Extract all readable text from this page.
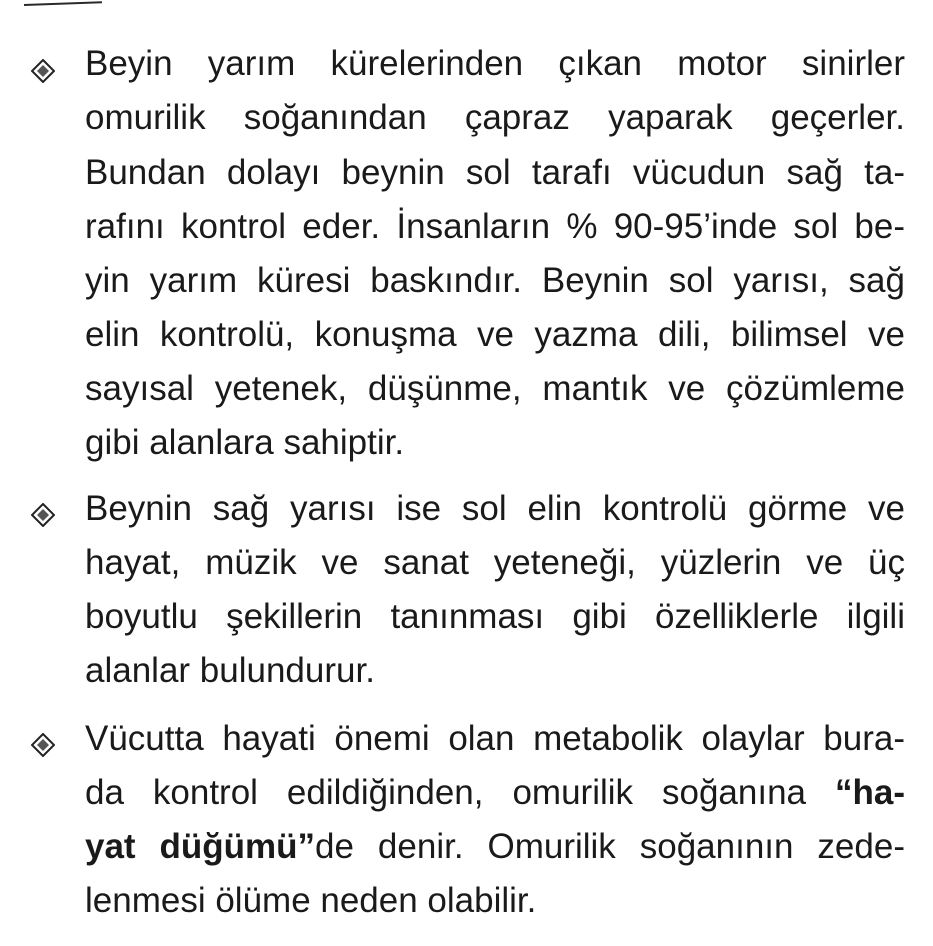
Beyin yarım kürelerinden çıkan motor sinirler
omurilik soğanından çapraz yaparak geçerler.
Bundan dolayı beynin sol tarafı vücudun sağ ta-
rafını kontrol eder. İnsanların % 90-95’inde sol be-
yin yarım küresi baskındır. Beynin sol yarısı, sağ
elin kontrolü, konuşma ve yazma dili, bilimsel ve
sayısal yetenek, düşünme, mantık ve çözümleme
gibi alanlara sahiptir.
Beynin sağ yarısı ise sol elin kontrolü görme ve
hayat, müzik ve sanat yeteneği, yüzlerin ve üç
boyutlu şekillerin tanınması gibi özelliklerle ilgili
alanlar bulundurur.
Vücutta hayati önemi olan metabolik olaylar bura-
da kontrol edildiğinden, omurilik soğanına “ha-
yat düğümü”de denir. Omurilik soğanının zede-
lenmesi ölüme neden olabilir.
